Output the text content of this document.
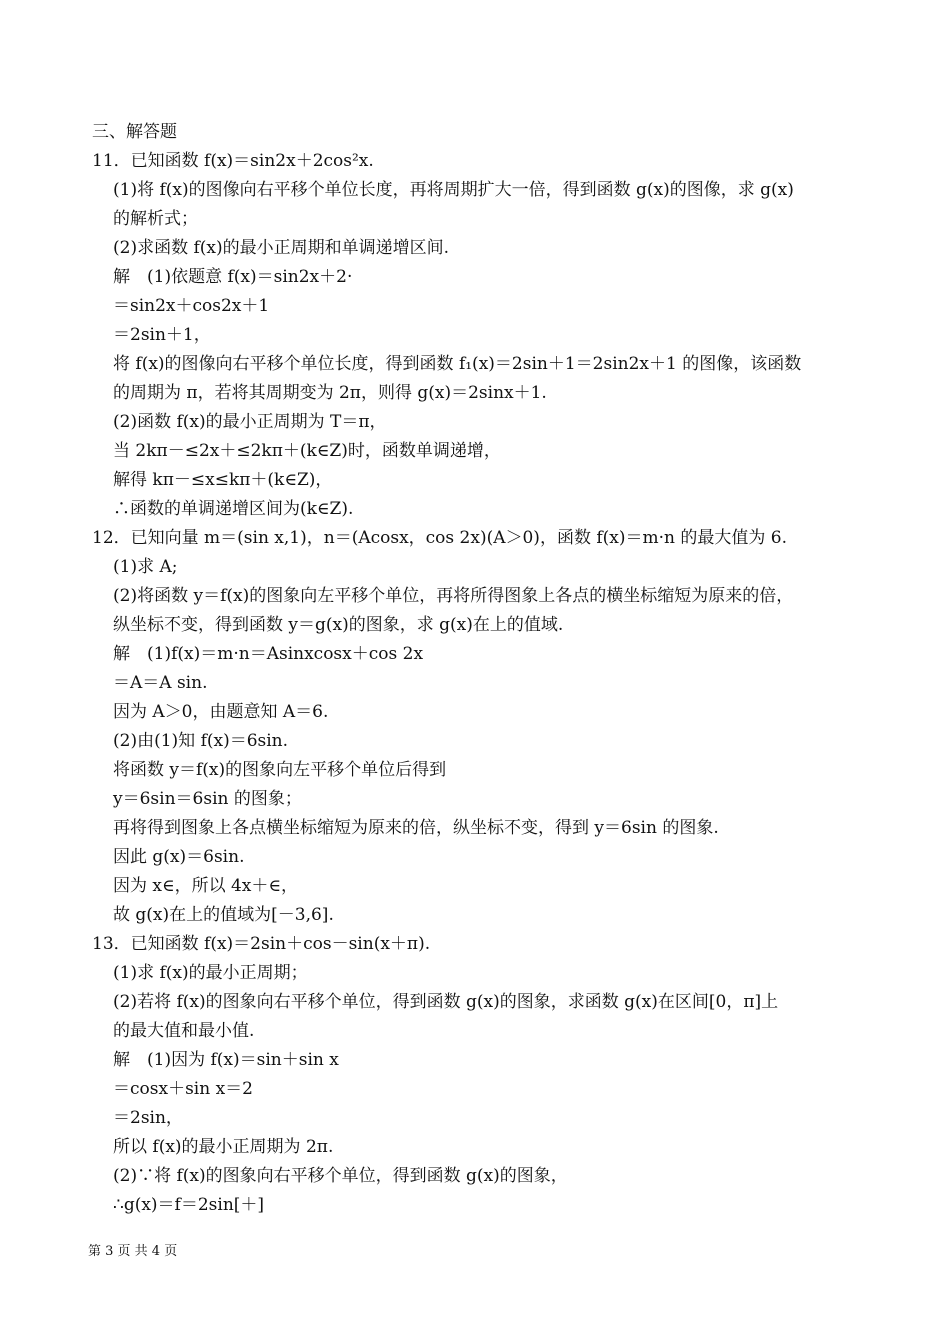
三、解答题
11．已知函数 f(x)＝sin2x＋2cos²x.
(1)将 f(x)的图像向右平移个单位长度，再将周期扩大一倍，得到函数 g(x)的图像，求 g(x)
的解析式；
(2)求函数 f(x)的最小正周期和单调递增区间.
解　(1)依题意 f(x)＝sin2x＋2·
＝sin2x＋cos2x＋1
＝2sin＋1，
将 f(x)的图像向右平移个单位长度，得到函数 f₁(x)＝2sin＋1＝2sin2x＋1 的图像，该函数
的周期为 π，若将其周期变为 2π，则得 g(x)＝2sinx＋1.
(2)函数 f(x)的最小正周期为 T＝π，
当 2kπ－≤2x＋≤2kπ＋(k∈Z)时，函数单调递增，
解得 kπ－≤x≤kπ＋(k∈Z)，
∴函数的单调递增区间为(k∈Z).
12．已知向量 m＝(sin x,1)，n＝(Acosx，cos 2x)(A＞0)，函数 f(x)＝m·n 的最大值为 6.
(1)求 A;
(2)将函数 y＝f(x)的图象向左平移个单位，再将所得图象上各点的横坐标缩短为原来的倍，
纵坐标不变，得到函数 y＝g(x)的图象，求 g(x)在上的值域.
解　(1)f(x)＝m·n＝Asinxcosx＋cos 2x
＝A＝A sin.
因为 A＞0，由题意知 A＝6.
(2)由(1)知 f(x)＝6sin.
将函数 y＝f(x)的图象向左平移个单位后得到
y＝6sin＝6sin 的图象；
再将得到图象上各点横坐标缩短为原来的倍，纵坐标不变，得到 y＝6sin 的图象.
因此 g(x)＝6sin.
因为 x∈，所以 4x＋∈，
故 g(x)在上的值域为[－3,6].
13．已知函数 f(x)＝2sin＋cos－sin(x＋π).
(1)求 f(x)的最小正周期；
(2)若将 f(x)的图象向右平移个单位，得到函数 g(x)的图象，求函数 g(x)在区间[0，π]上
的最大值和最小值.
解　(1)因为 f(x)＝sin＋sin x
＝cosx＋sin x＝2
＝2sin，
所以 f(x)的最小正周期为 2π.
(2)∵将 f(x)的图象向右平移个单位，得到函数 g(x)的图象，
∴g(x)＝f＝2sin[＋]
第 3 页 共 4 页
